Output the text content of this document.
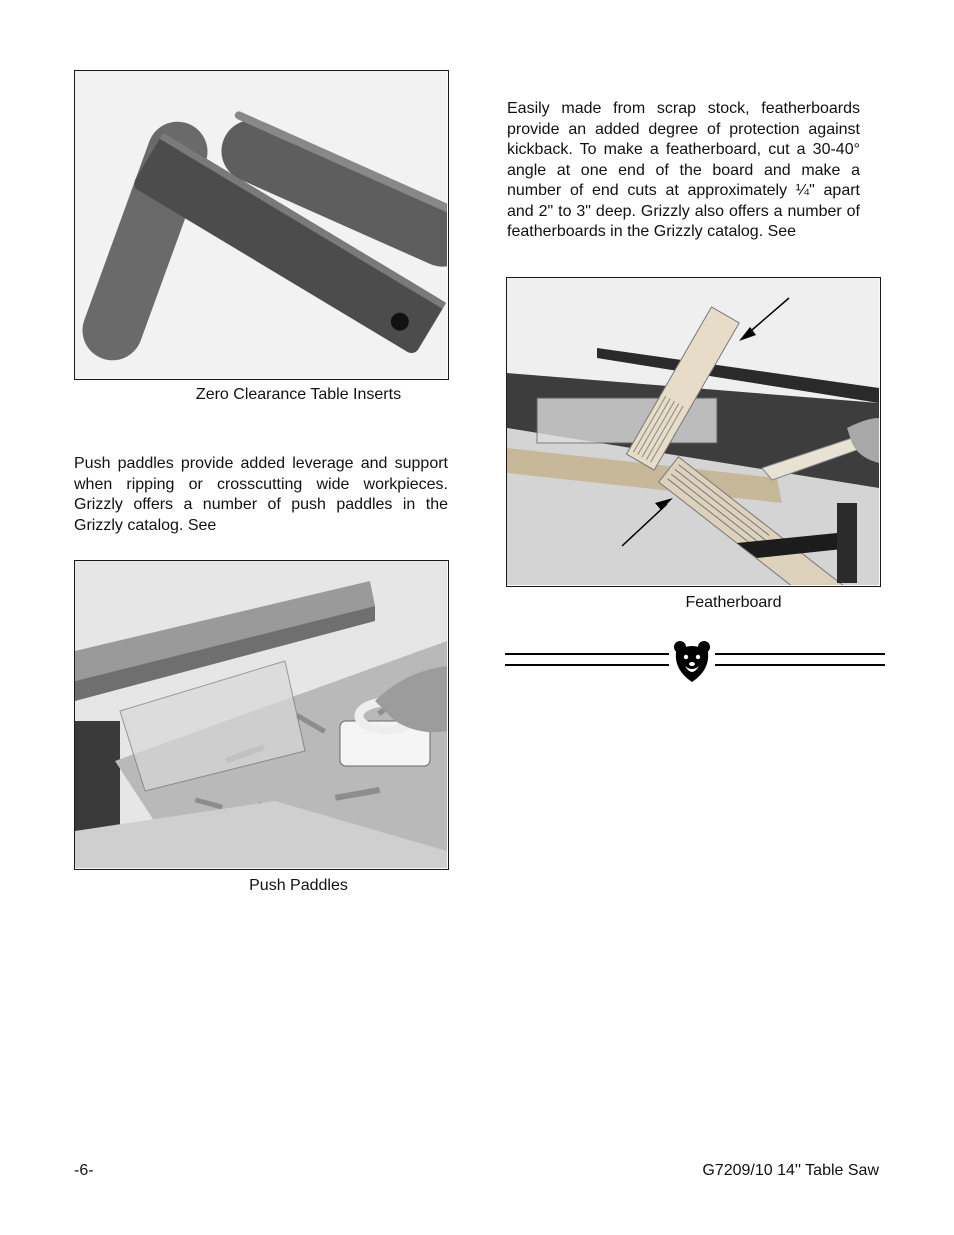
Zero Clearance Table Inserts
Push paddles provide added leverage and support when ripping or crosscutting wide workpieces. Grizzly offers a number of push paddles in the Grizzly catalog. See
Push Paddles
Easily made from scrap stock, featherboards provide an added degree of protection against kickback. To make a featherboard, cut a 30-40° angle at one end of the board and make a number of end cuts at approximately ¼" apart and 2" to 3" deep. Grizzly also offers a number of featherboards in the Grizzly catalog. See
Featherboard
-6-	G7209/10 14'' Table Saw
